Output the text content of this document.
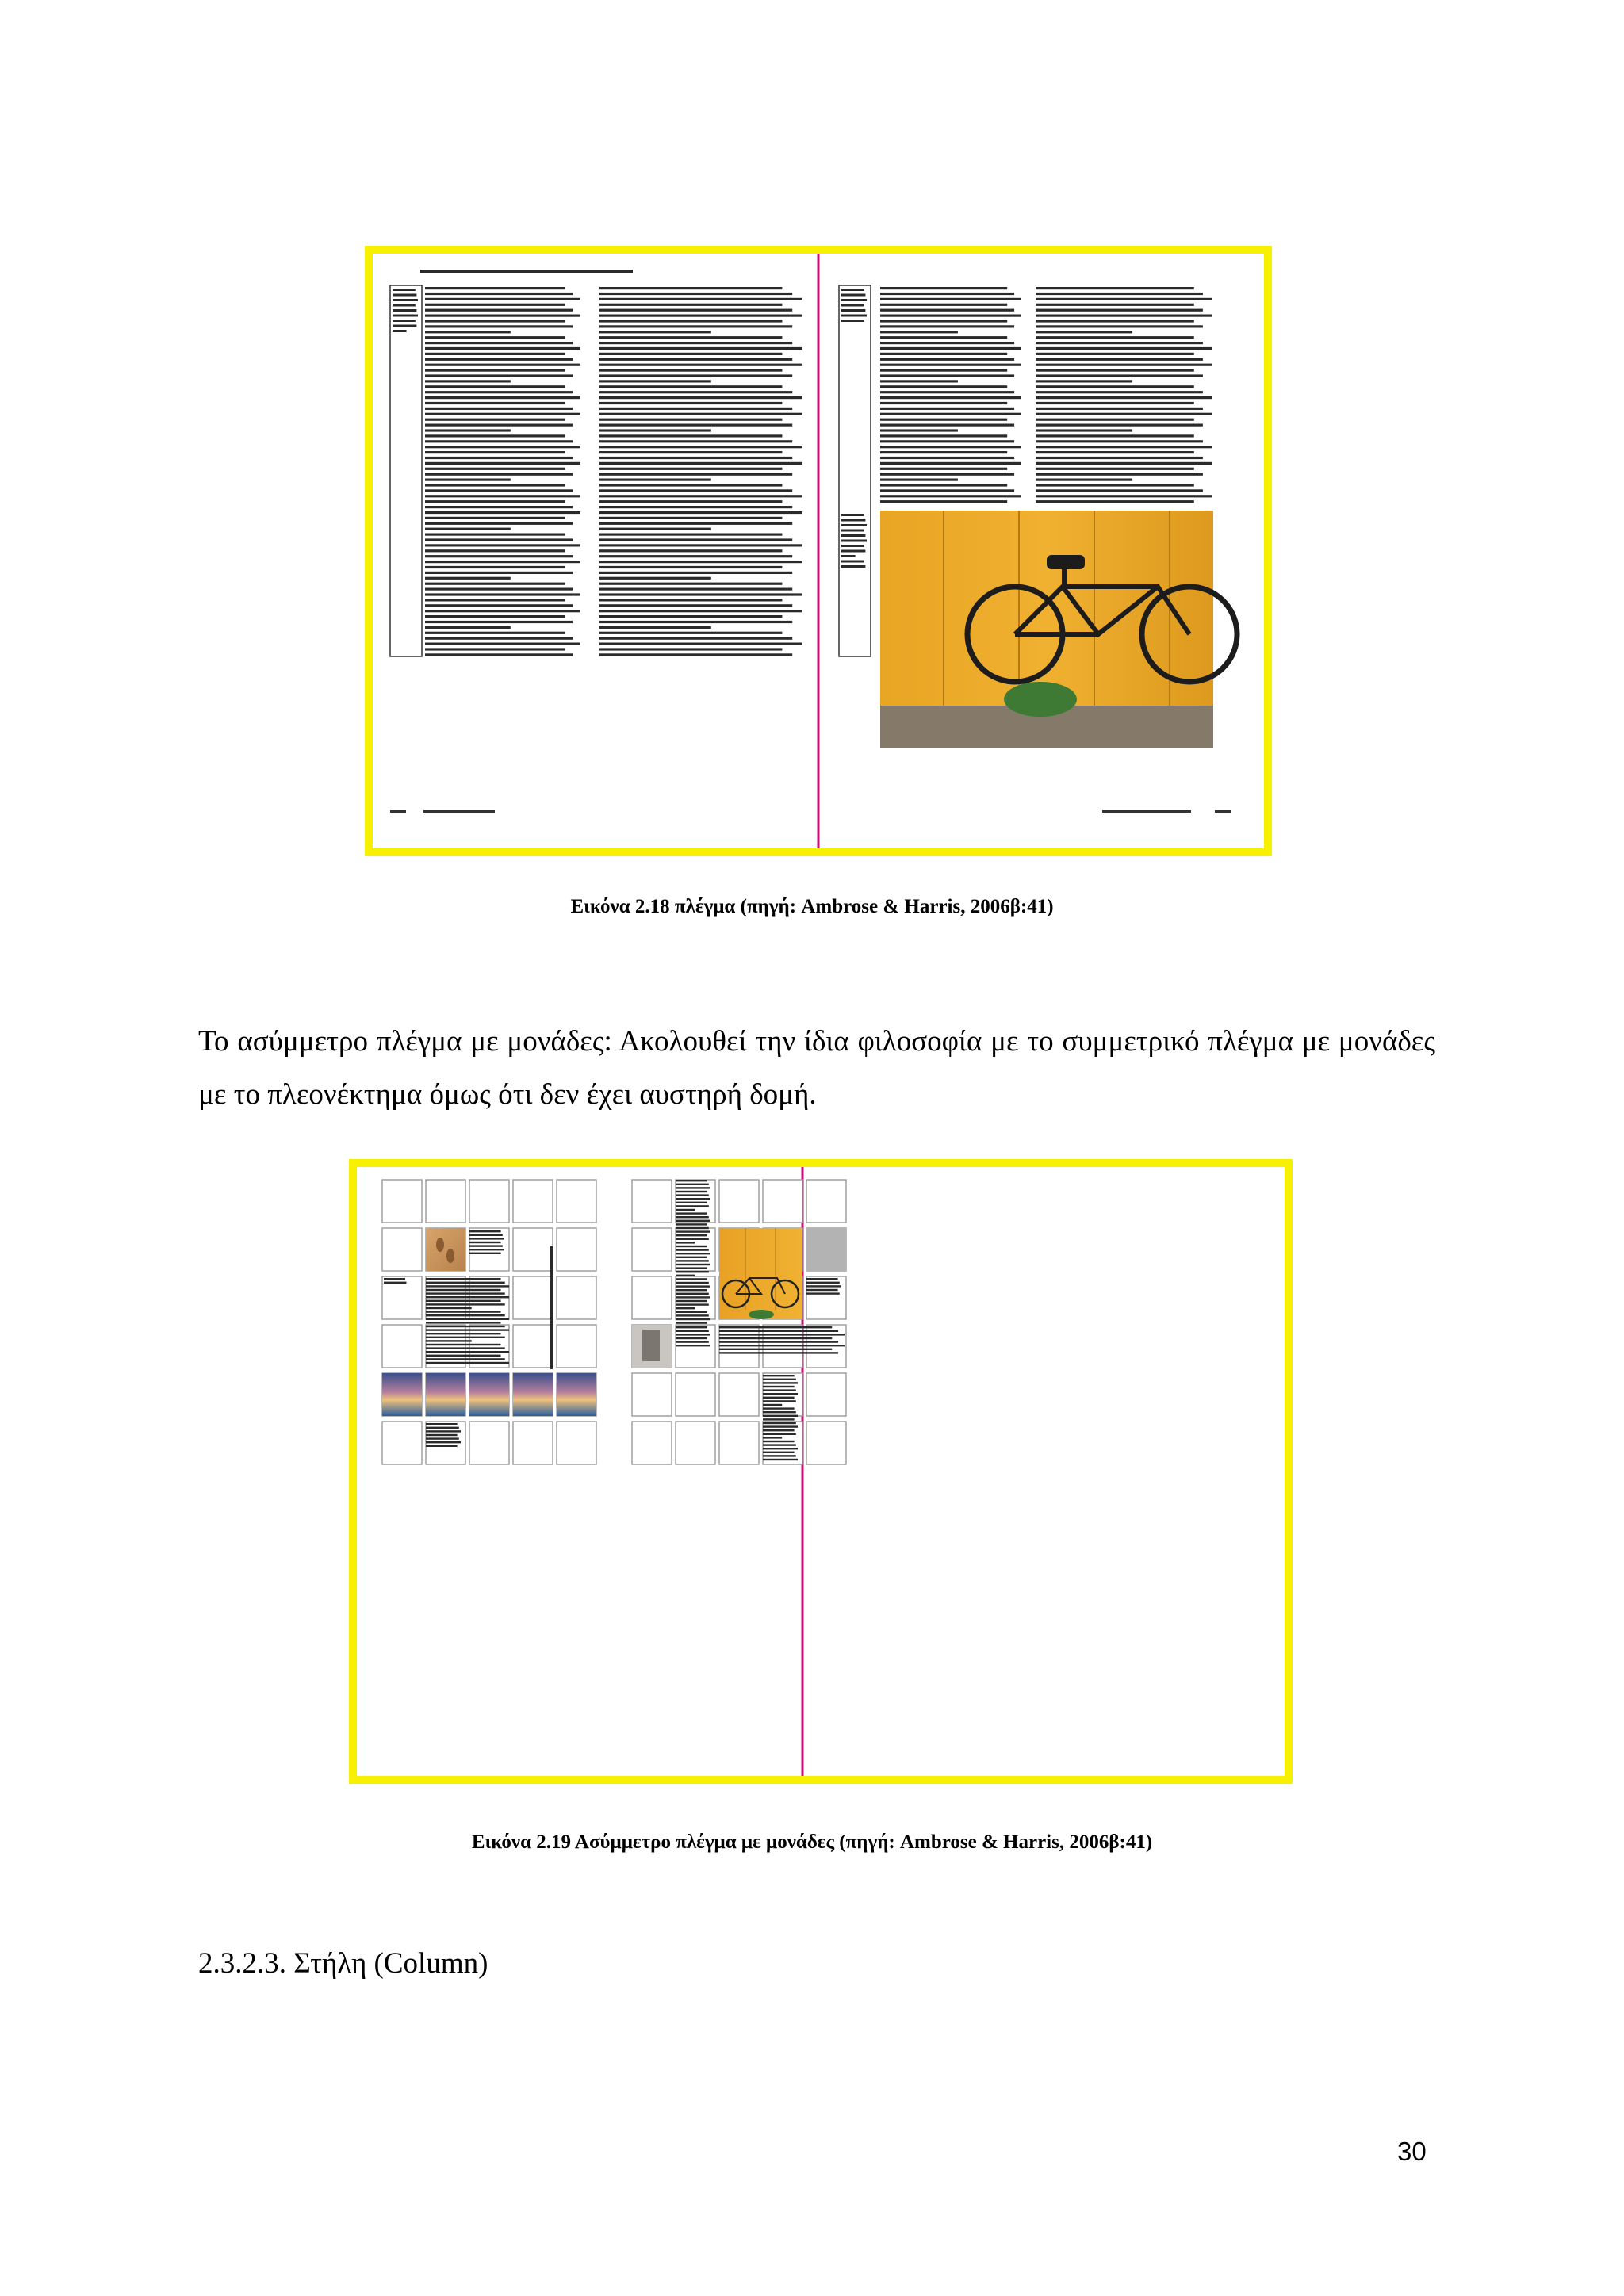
Εικόνα 2.18 πλέγμα (πηγή: Ambrose & Harris, 2006β:41)

Το ασύμμετρο πλέγμα με μονάδες: Ακολουθεί την ίδια φιλοσοφία με το συμμετρικό πλέγμα με μονάδες με το πλεονέκτημα όμως ότι δεν έχει αυστηρή δομή.

Εικόνα 2.19 Ασύμμετρο πλέγμα με μονάδες (πηγή: Ambrose & Harris, 2006β:41)
2.3.2.3. Στήλη (Column)
30
